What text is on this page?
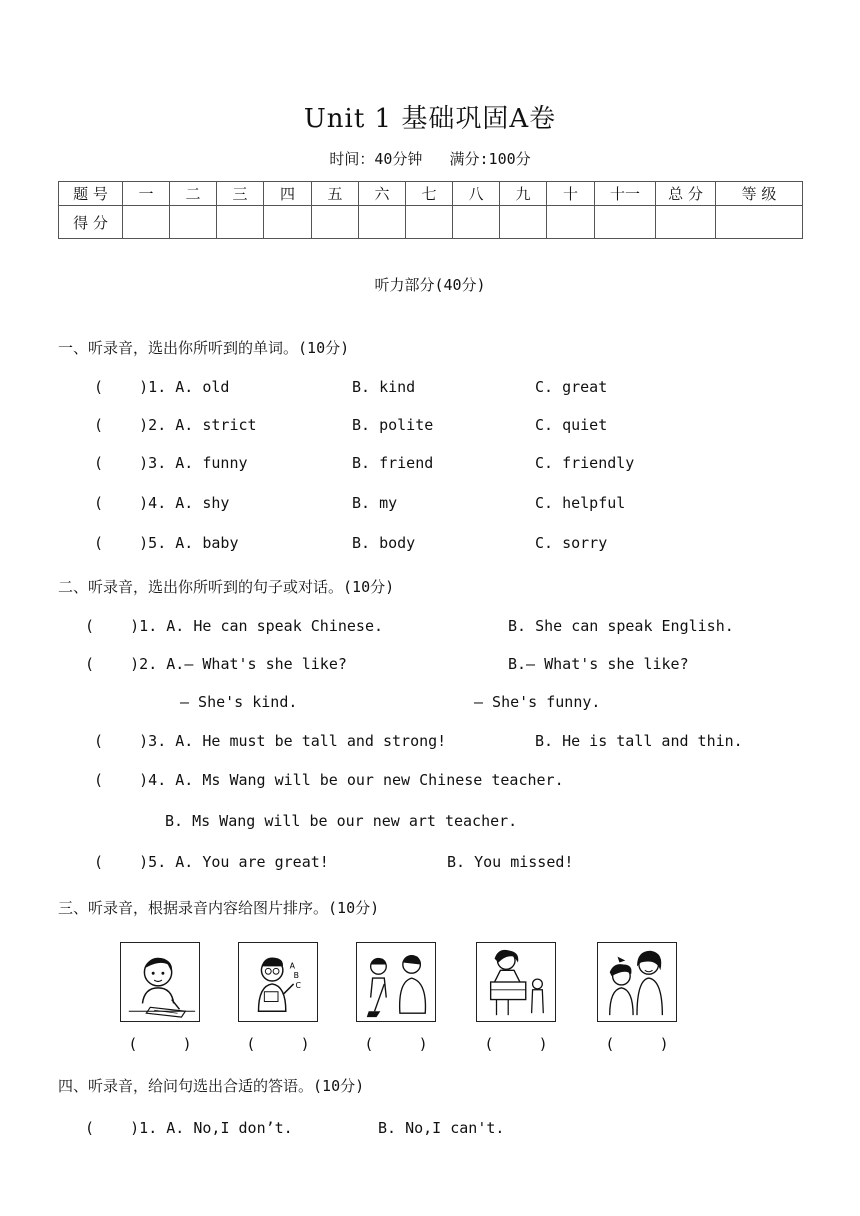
Unit 1 基础巩固A卷
时间：40分钟   满分:100分
题 号	一	二	三	四	五	六	七	八	九	十	十一	总 分	等 级
得 分													
听力部分(40分)
一、听录音，选出你所听到的单词。(10分)
(    )1. A. old	B. kind	C. great
(    )2. A. strict	B. polite	C. quiet
(    )3. A. funny	B. friend	C. friendly
(    )4. A. shy	B. my	C. helpful
(    )5. A. baby	B. body	C. sorry
二、听录音，选出你所听到的句子或对话。(10分)
(    )1. A. He can speak Chinese.	B. She can speak English.
(    )2. A.— What's she like?	B.— What's she like?
— She's kind.	— She's funny.
(    )3. A. He must be tall and strong!	B. He is tall and thin.
(    )4. A. Ms Wang will be our new Chinese teacher.
B. Ms Wang will be our new art teacher.
(    )5. A. You are great!	B. You missed!
三、听录音，根据录音内容给图片排序。(10分)
A
B
C
(     )	(     )	(     )	(     )	(     )
四、听录音，给问句选出合适的答语。(10分)
(    )1. A. No,I don’t.	B. No,I can't.
